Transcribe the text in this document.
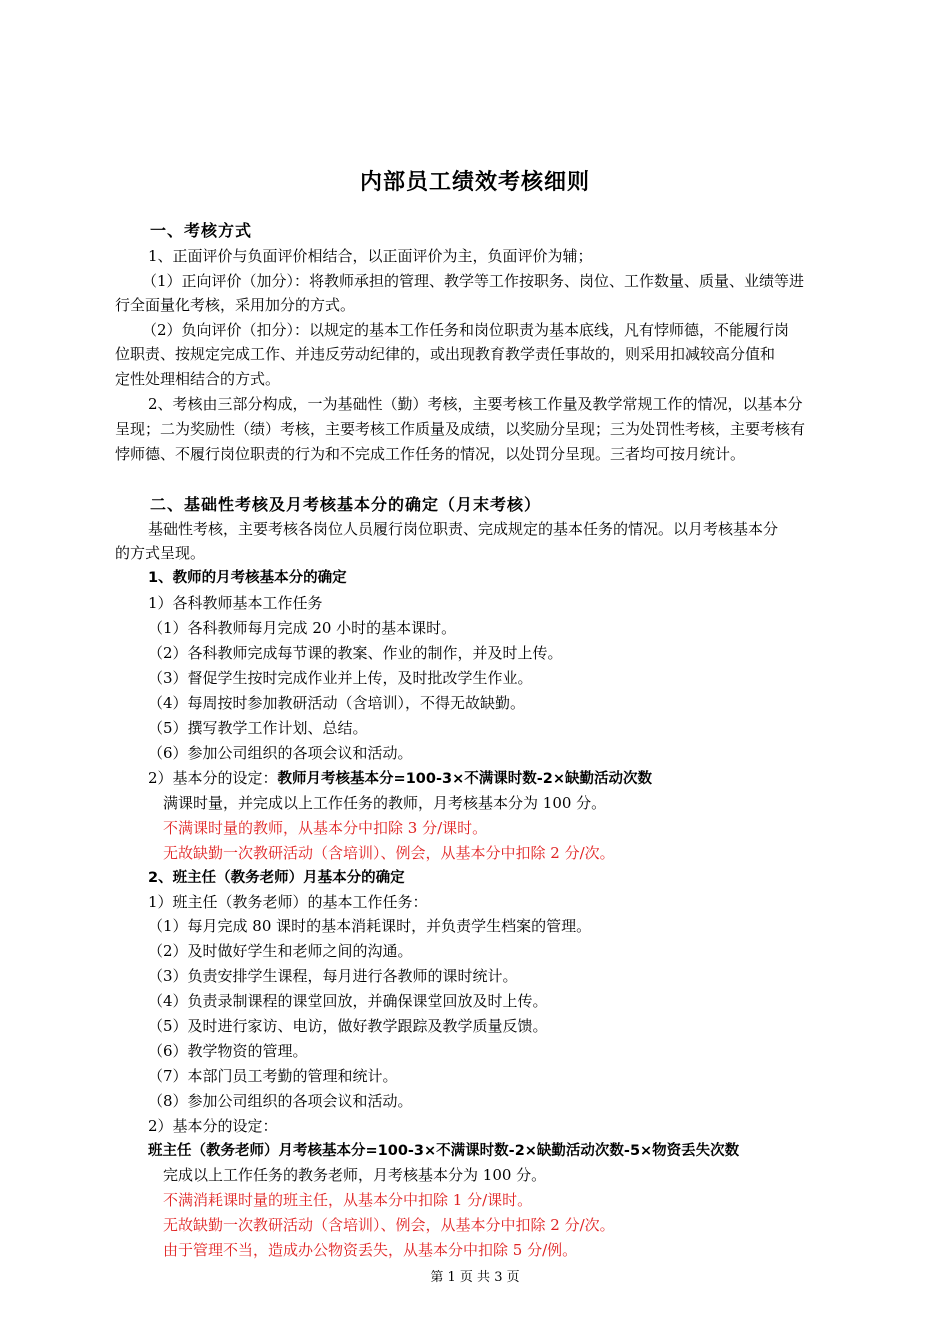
内部员工绩效考核细则
一、考核方式
1、正面评价与负面评价相结合，以正面评价为主，负面评价为辅；
（1）正向评价（加分）：将教师承担的管理、教学等工作按职务、岗位、工作数量、质量、业绩等进
行全面量化考核，采用加分的方式。
（2）负向评价（扣分）：以规定的基本工作任务和岗位职责为基本底线，凡有悖师德，不能履行岗
位职责、按规定完成工作、并违反劳动纪律的，或出现教育教学责任事故的，则采用扣减较高分值和
定性处理相结合的方式。
2、考核由三部分构成，一为基础性（勤）考核，主要考核工作量及教学常规工作的情况，以基本分
呈现；二为奖励性（绩）考核，主要考核工作质量及成绩，以奖励分呈现；三为处罚性考核，主要考核有
悖师德、不履行岗位职责的行为和不完成工作任务的情况，以处罚分呈现。三者均可按月统计。
二、基础性考核及月考核基本分的确定（月末考核）
基础性考核，主要考核各岗位人员履行岗位职责、完成规定的基本任务的情况。以月考核基本分
的方式呈现。
1、教师的月考核基本分的确定
1）各科教师基本工作任务
（1）各科教师每月完成 20 小时的基本课时。
（2）各科教师完成每节课的教案、作业的制作，并及时上传。
（3）督促学生按时完成作业并上传，及时批改学生作业。
（4）每周按时参加教研活动（含培训），不得无故缺勤。
（5）撰写教学工作计划、总结。
（6）参加公司组织的各项会议和活动。
2）基本分的设定：教师月考核基本分=100-3×不满课时数-2×缺勤活动次数
满课时量，并完成以上工作任务的教师，月考核基本分为 100 分。
不满课时量的教师，从基本分中扣除 3 分/课时。
无故缺勤一次教研活动（含培训）、例会，从基本分中扣除 2 分/次。
2、班主任（教务老师）月基本分的确定
1）班主任（教务老师）的基本工作任务：
（1）每月完成 80 课时的基本消耗课时，并负责学生档案的管理。
（2）及时做好学生和老师之间的沟通。
（3）负责安排学生课程，每月进行各教师的课时统计。
（4）负责录制课程的课堂回放，并确保课堂回放及时上传。
（5）及时进行家访、电访，做好教学跟踪及教学质量反馈。
（6）教学物资的管理。
（7）本部门员工考勤的管理和统计。
（8）参加公司组织的各项会议和活动。
2）基本分的设定：
班主任（教务老师）月考核基本分=100-3×不满课时数-2×缺勤活动次数-5×物资丢失次数
完成以上工作任务的教务老师，月考核基本分为 100 分。
不满消耗课时量的班主任，从基本分中扣除 1 分/课时。
无故缺勤一次教研活动（含培训）、例会，从基本分中扣除 2 分/次。
由于管理不当，造成办公物资丢失，从基本分中扣除 5 分/例。
第 1 页 共 3 页
